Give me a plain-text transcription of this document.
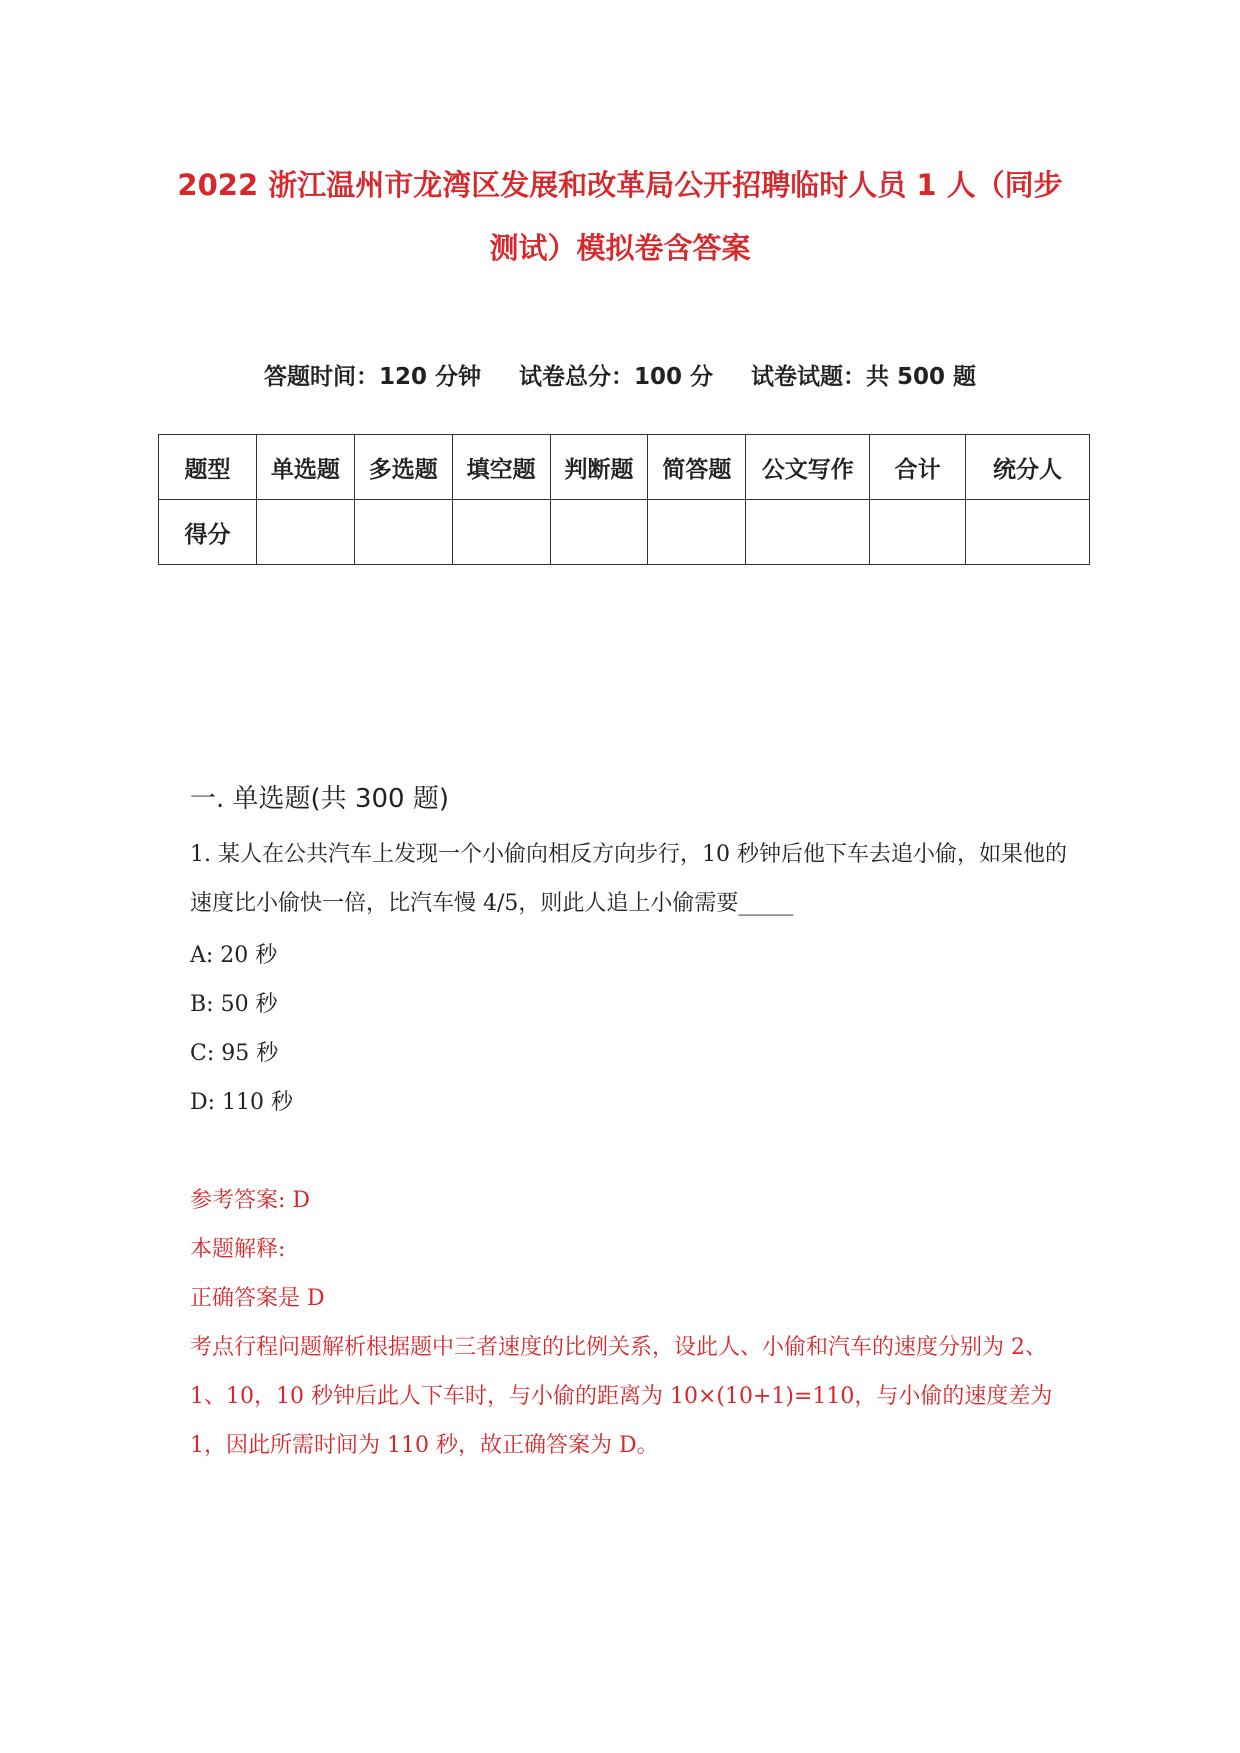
2022 浙江温州市龙湾区发展和改革局公开招聘临时人员 1 人（同步
测试）模拟卷含答案
答题时间：120 分钟 试卷总分：100 分 试卷试题：共 500 题
题型	单选题	多选题	填空题	判断题	简答题	公文写作	合计	统分人
得分								
一. 单选题(共 300 题)
1. 某人在公共汽车上发现一个小偷向相反方向步行，10 秒钟后他下车去追小偷，如果他的速度比小偷快一倍，比汽车慢 4/5，则此人追上小偷需要_____
A: 20 秒
B: 50 秒
C: 95 秒
D: 110 秒
参考答案: D
本题解释:
正确答案是 D
考点行程问题解析根据题中三者速度的比例关系，设此人、小偷和汽车的速度分别为 2、1、10，10 秒钟后此人下车时，与小偷的距离为 10×(10+1)=110，与小偷的速度差为 1，因此所需时间为 110 秒，故正确答案为 D。
